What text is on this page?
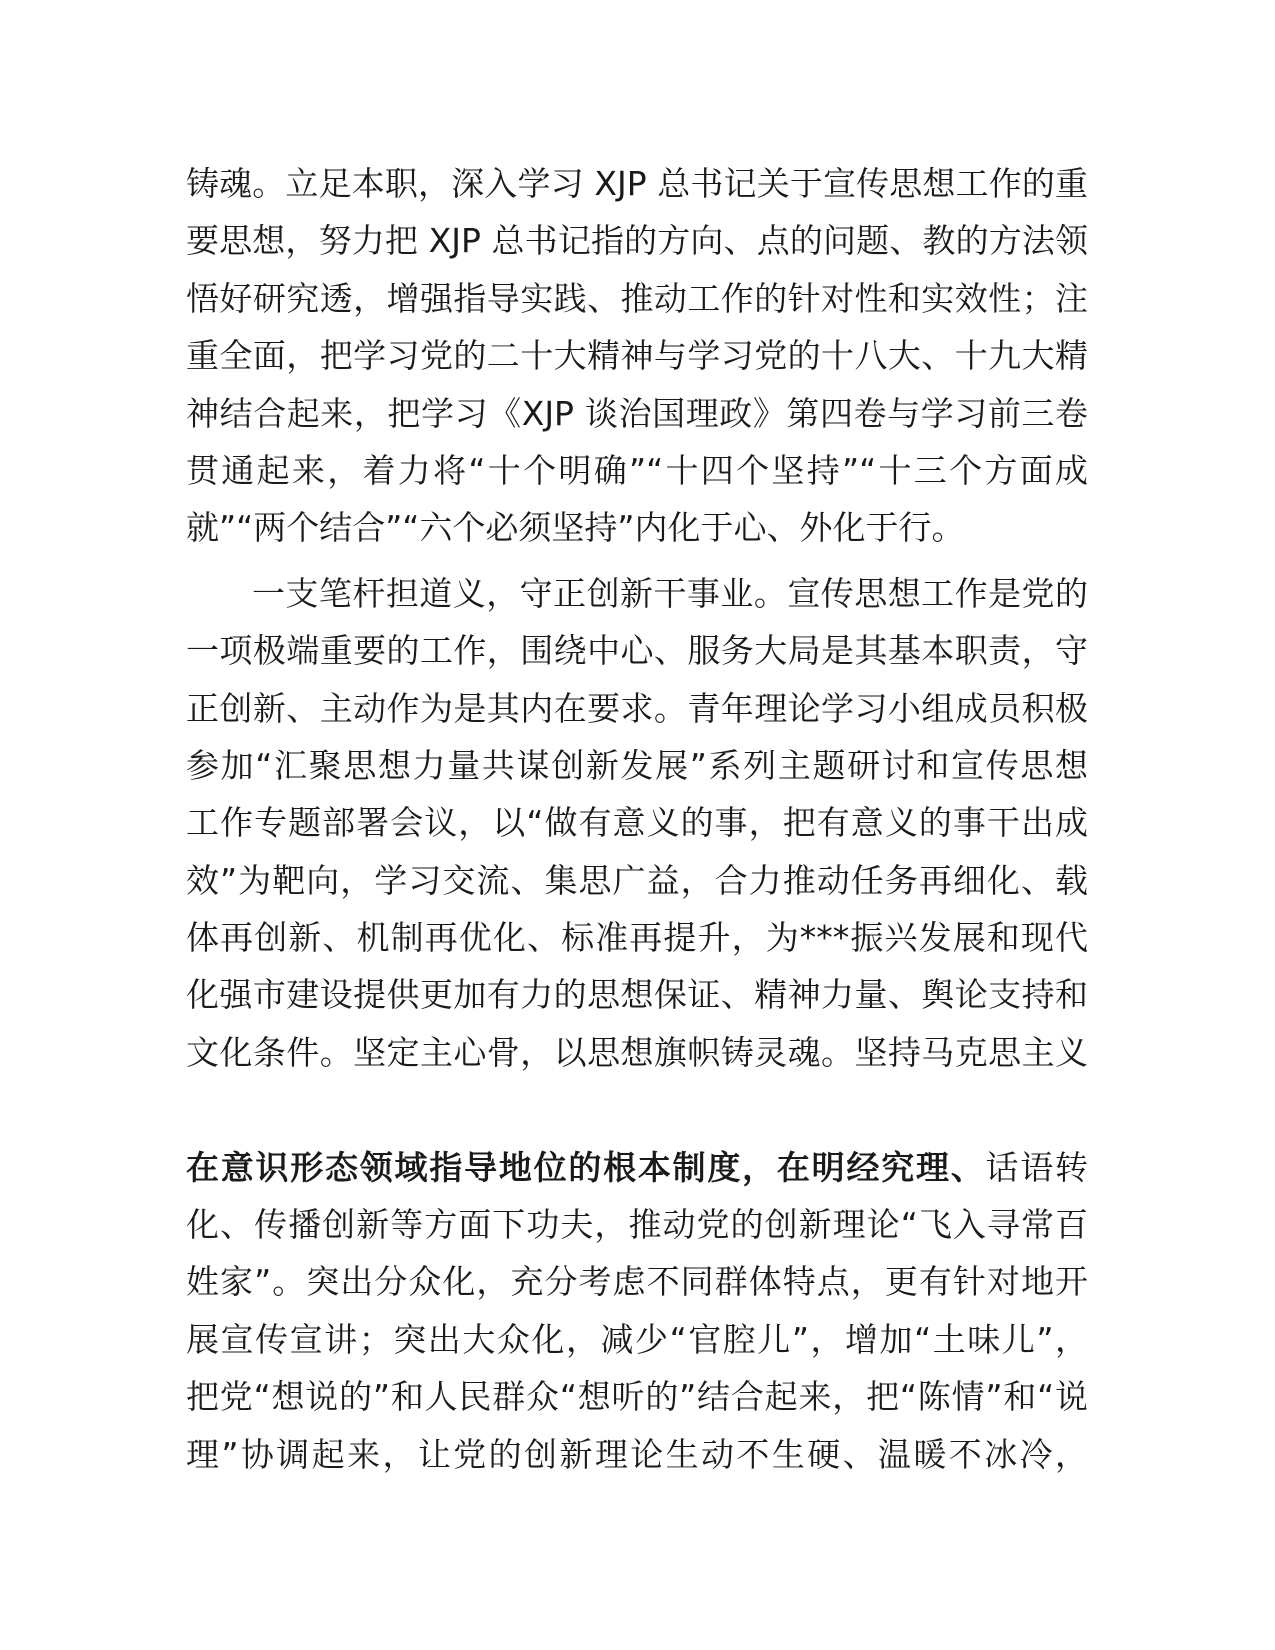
铸魂。立足本职，深入学习 XJP 总书记关于宣传思想工作的重
要思想，努力把 XJP 总书记指的方向、点的问题、教的方法领
悟好研究透，增强指导实践、推动工作的针对性和实效性；注
重全面，把学习党的二十大精神与学习党的十八大、十九大精
神结合起来，把学习《XJP 谈治国理政》第四卷与学习前三卷
贯通起来，着力将“十个明确”“十四个坚持”“十三个方面成
就”“两个结合”“六个必须坚持”内化于心、外化于行。
一支笔杆担道义，守正创新干事业。宣传思想工作是党的
一项极端重要的工作，围绕中心、服务大局是其基本职责，守
正创新、主动作为是其内在要求。青年理论学习小组成员积极
参加“汇聚思想力量共谋创新发展”系列主题研讨和宣传思想
工作专题部署会议，以“做有意义的事，把有意义的事干出成
效”为靶向，学习交流、集思广益，合力推动任务再细化、载
体再创新、机制再优化、标准再提升，为***振兴发展和现代
化强市建设提供更加有力的思想保证、精神力量、舆论支持和
文化条件。坚定主心骨，以思想旗帜铸灵魂。坚持马克思主义
在意识形态领域指导地位的根本制度，在明经究理、话语转
化、传播创新等方面下功夫，推动党的创新理论“飞入寻常百
姓家”。突出分众化，充分考虑不同群体特点，更有针对地开
展宣传宣讲；突出大众化，减少“官腔儿”，增加“土味儿”，
把党“想说的”和人民群众“想听的”结合起来，把“陈情”和“说
理”协调起来，让党的创新理论生动不生硬、温暖不冰冷，
